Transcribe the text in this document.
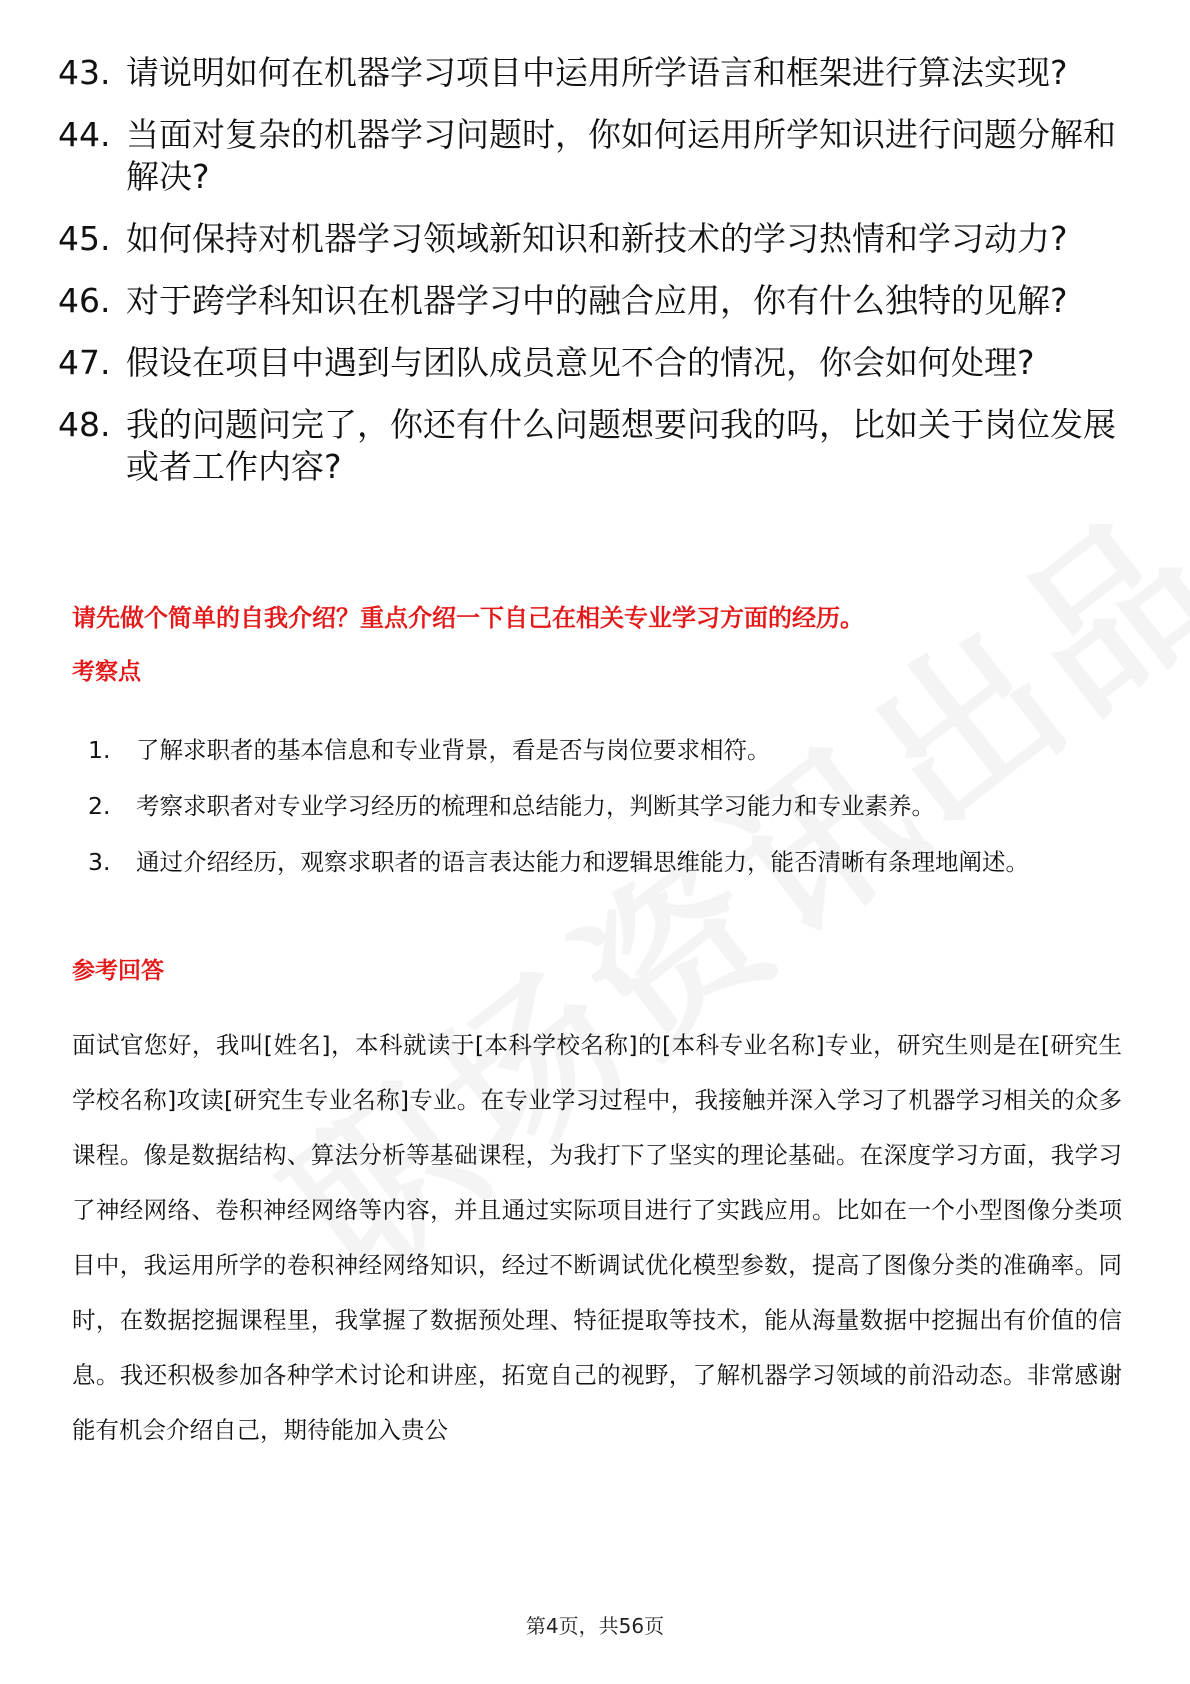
43. 请说明如何在机器学习项目中运用所学语言和框架进行算法实现?
44. 当面对复杂的机器学习问题时，你如何运用所学知识进行问题分解和解决?
45. 如何保持对机器学习领域新知识和新技术的学习热情和学习动力?
46. 对于跨学科知识在机器学习中的融合应用，你有什么独特的见解?
47. 假设在项目中遇到与团队成员意见不合的情况，你会如何处理?
48. 我的问题问完了，你还有什么问题想要问我的吗，比如关于岗位发展或者工作内容?
请先做个简单的自我介绍？重点介绍一下自己在相关专业学习方面的经历。
考察点
1.	了解求职者的基本信息和专业背景，看是否与岗位要求相符。
2.	考察求职者对专业学习经历的梳理和总结能力，判断其学习能力和专业素养。
3.	通过介绍经历，观察求职者的语言表达能力和逻辑思维能力，能否清晰有条理地阐述。
参考回答

面试官您好，我叫[姓名]，本科就读于[本科学校名称]的[本科专业名称]专业，研究生则是在[研究生学校名称]攻读[研究生专业名称]专业。在专业学习过程中，我接触并深入学习了机器学习相关的众多课程。像是数据结构、算法分析等基础课程，为我打下了坚实的理论基础。在深度学习方面，我学习了神经网络、卷积神经网络等内容，并且通过实际项目进行了实践应用。比如在一个小型图像分类项目中，我运用所学的卷积神经网络知识，经过不断调试优化模型参数，提高了图像分类的准确率。同时，在数据挖掘课程里，我掌握了数据预处理、特征提取等技术，能从海量数据中挖掘出有价值的信息。我还积极参加各种学术讨论和讲座，拓宽自己的视野，了解机器学习领域的前沿动态。非常感谢能有机会介绍自己，期待能加入贵公

第4页，共56页
